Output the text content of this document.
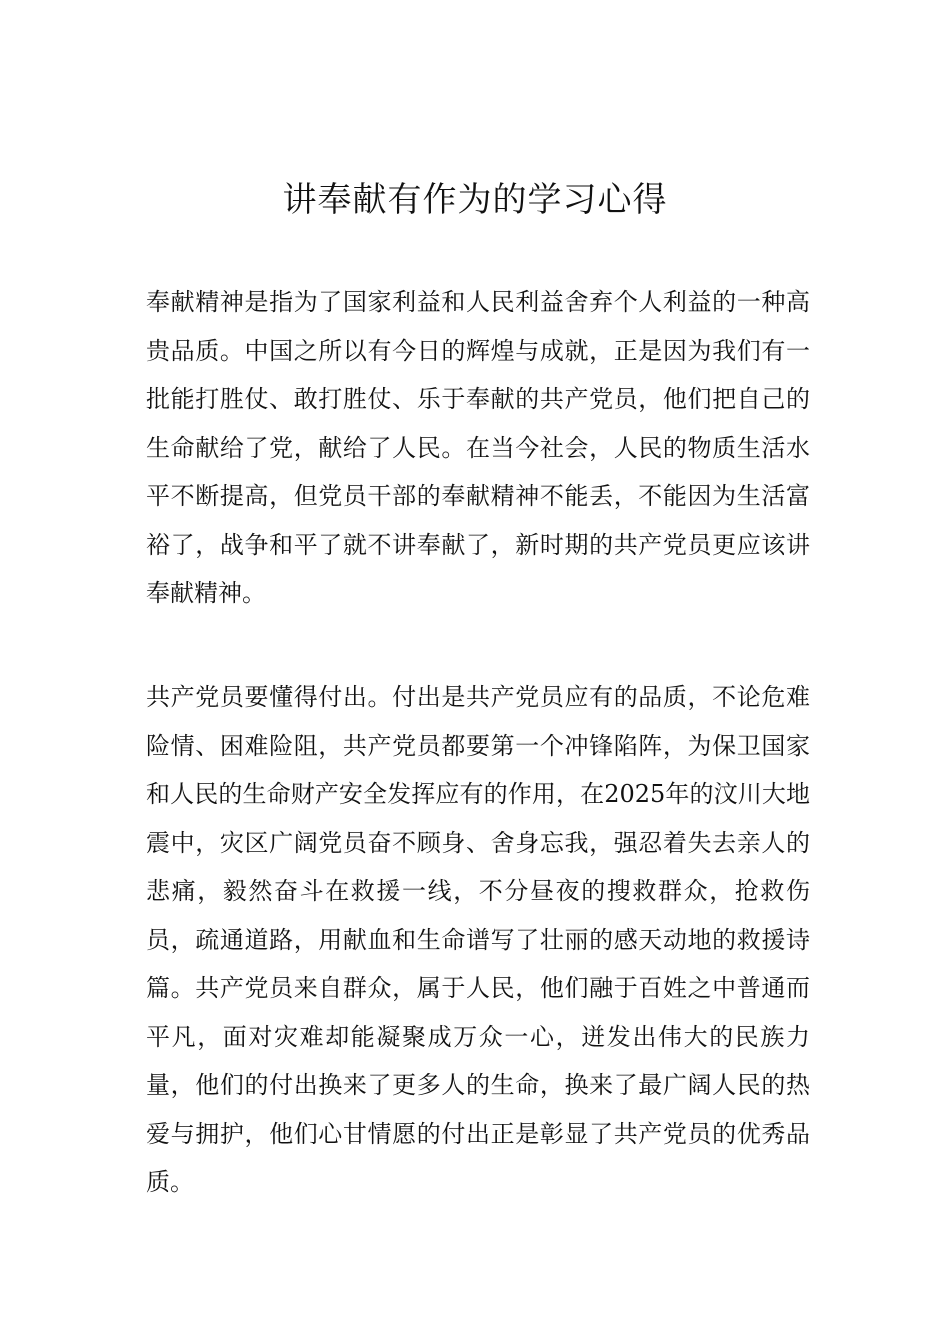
讲奉献有作为的学习心得

奉献精神是指为了国家利益和人民利益舍弃个人利益的一种高贵品质。中国之所以有今日的辉煌与成就，正是因为我们有一批能打胜仗、敢打胜仗、乐于奉献的共产党员，他们把自己的生命献给了党，献给了人民。在当今社会，人民的物质生活水平不断提高，但党员干部的奉献精神不能丢，不能因为生活富裕了，战争和平了就不讲奉献了，新时期的共产党员更应该讲奉献精神。

共产党员要懂得付出。付出是共产党员应有的品质，不论危难险情、困难险阻，共产党员都要第一个冲锋陷阵，为保卫国家和人民的生命财产安全发挥应有的作用，在2025年的汶川大地震中，灾区广阔党员奋不顾身、舍身忘我，强忍着失去亲人的悲痛，毅然奋斗在救援一线，不分昼夜的搜救群众，抢救伤员，疏通道路，用献血和生命谱写了壮丽的感天动地的救援诗篇。共产党员来自群众，属于人民，他们融于百姓之中普通而平凡，面对灾难却能凝聚成万众一心，迸发出伟大的民族力量，他们的付出换来了更多人的生命，换来了最广阔人民的热爱与拥护，他们心甘情愿的付出正是彰显了共产党员的优秀品质。
